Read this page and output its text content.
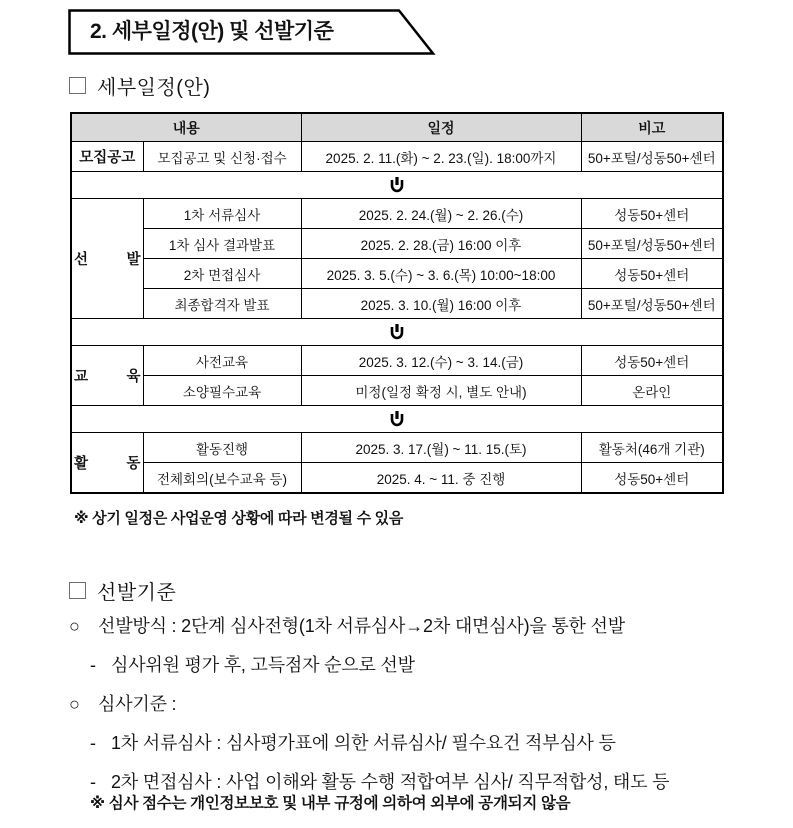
2. 세부일정(안) 및 선발기준
세부일정(안)
내용		일정	비고
모집공고	모집공고 및 신청·접수	2025. 2. 11.(화) ~ 2. 23.(일). 18:00까지	50+포털/성동50+센터

선 발	1차 서류심사	2025. 2. 24.(월) ~ 2. 26.(수)	성동50+센터
	1차 심사 결과발표	2025. 2. 28.(금) 16:00 이후	50+포털/성동50+센터
	2차 면접심사	2025. 3. 5.(수) ~ 3. 6.(목) 10:00~18:00	성동50+센터
	최종합격자 발표	2025. 3. 10.(월) 16:00 이후	50+포털/성동50+센터

교 육	사전교육	2025. 3. 12.(수) ~ 3. 14.(금)	성동50+센터
	소양필수교육	미정(일정 확정 시, 별도 안내)	온라인

활 동	활동진행	2025. 3. 17.(월) ~ 11. 15.(토)	활동처(46개 기관)
	전체회의(보수교육 등)	2025. 4. ~ 11. 중 진행	성동50+센터
※ 상기 일정은 사업운영 상황에 따라 변경될 수 있음
선발기준
○	선발방식 : 2단계 심사전형(1차 서류심사→2차 대면심사)을 통한 선발
- 심사위원 평가 후, 고득점자 순으로 선발
○	심사기준 :
- 1차 서류심사 : 심사평가표에 의한 서류심사/ 필수요건 적부심사 등
- 2차 면접심사 : 사업 이해와 활동 수행 적합여부 심사/ 직무적합성, 태도 등
※ 심사 점수는 개인정보보호 및 내부 규정에 의하여 외부에 공개되지 않음
